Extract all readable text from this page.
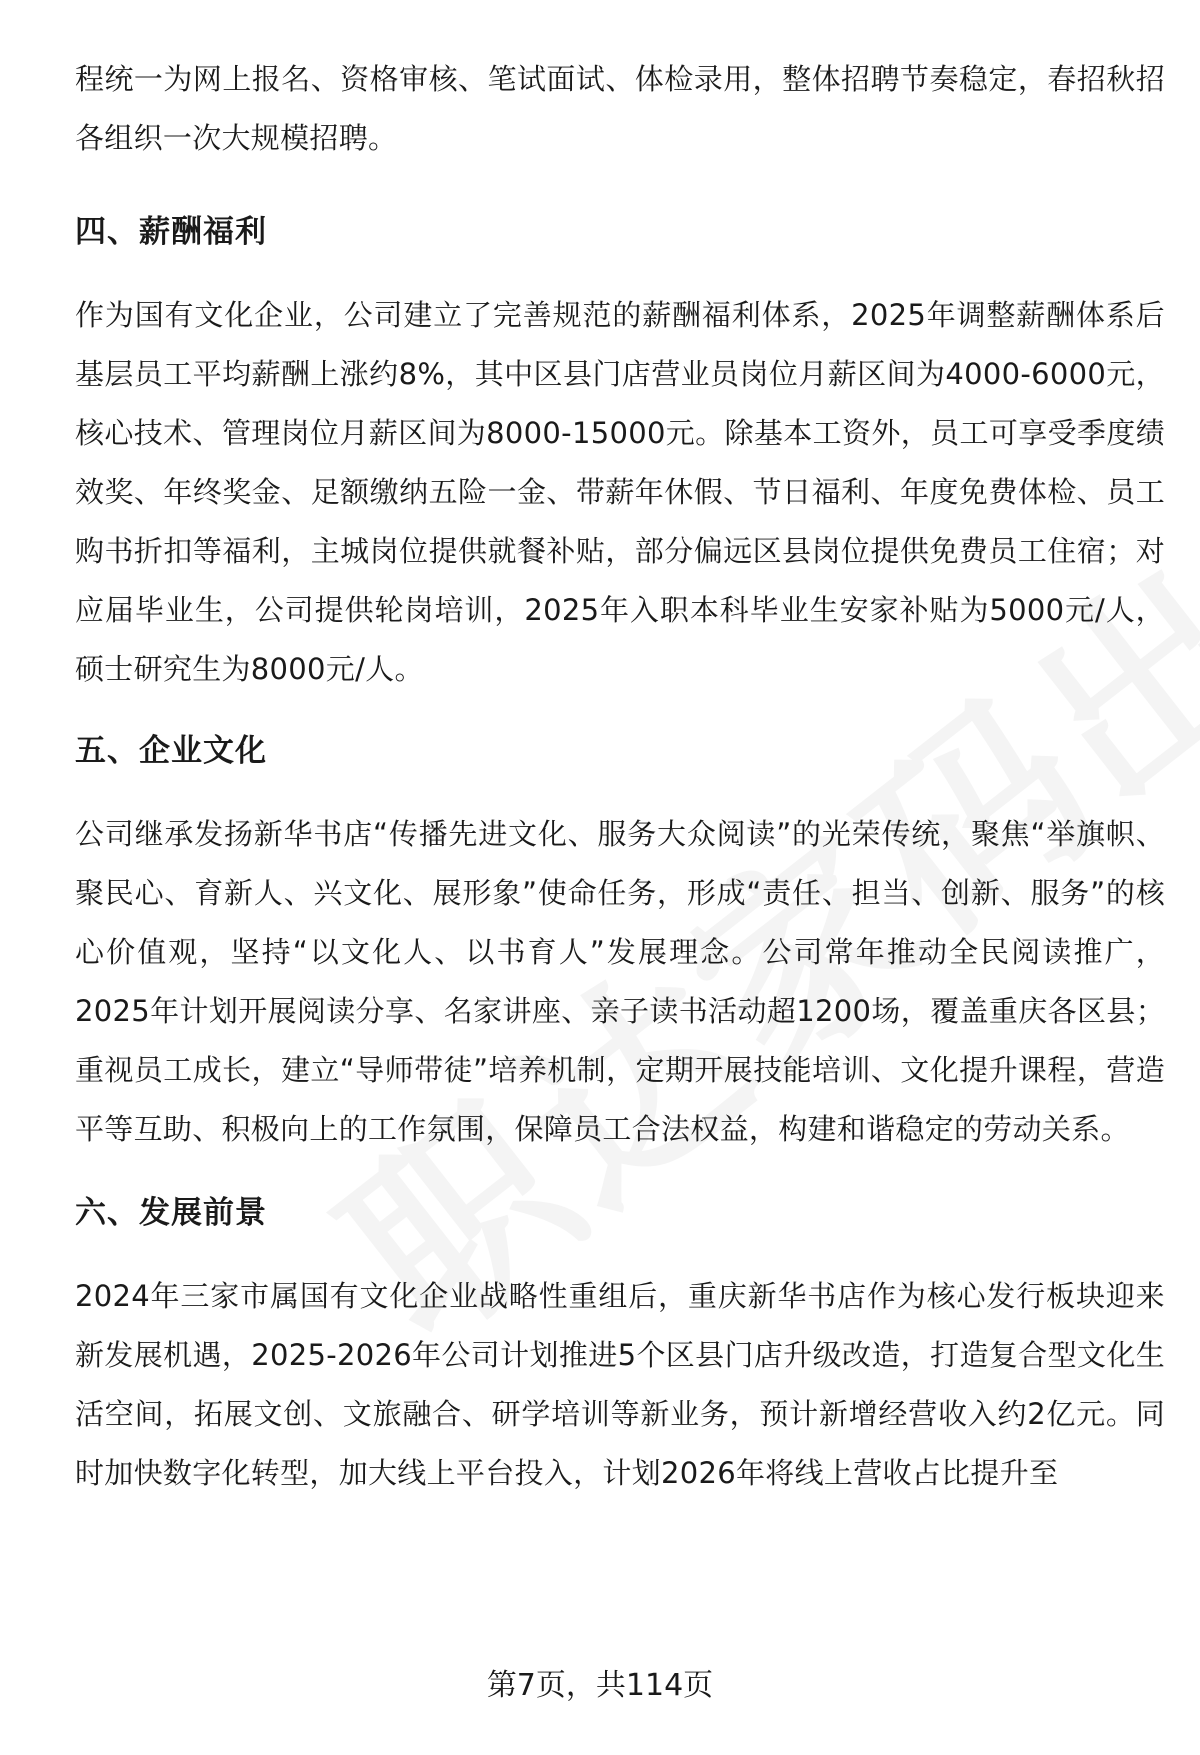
程统一为网上报名、资格审核、笔试面试、体检录用，整体招聘节奏稳定，春招秋招各组织一次大规模招聘。

四、薪酬福利

作为国有文化企业，公司建立了完善规范的薪酬福利体系，2025年调整薪酬体系后基层员工平均薪酬上涨约8%，其中区县门店营业员岗位月薪区间为4000-6000元，核心技术、管理岗位月薪区间为8000-15000元。除基本工资外，员工可享受季度绩效奖、年终奖金、足额缴纳五险一金、带薪年休假、节日福利、年度免费体检、员工购书折扣等福利，主城岗位提供就餐补贴，部分偏远区县岗位提供免费员工住宿；对应届毕业生，公司提供轮岗培训，2025年入职本科毕业生安家补贴为5000元/人，硕士研究生为8000元/人。

五、企业文化

公司继承发扬新华书店“传播先进文化、服务大众阅读”的光荣传统，聚焦“举旗帜、聚民心、育新人、兴文化、展形象”使命任务，形成“责任、担当、创新、服务”的核心价值观，坚持“以文化人、以书育人”发展理念。公司常年推动全民阅读推广，2025年计划开展阅读分享、名家讲座、亲子读书活动超1200场，覆盖重庆各区县；重视员工成长，建立“导师带徒”培养机制，定期开展技能培训、文化提升课程，营造平等互助、积极向上的工作氛围，保障员工合法权益，构建和谐稳定的劳动关系。

六、发展前景

2024年三家市属国有文化企业战略性重组后，重庆新华书店作为核心发行板块迎来新发展机遇，2025-2026年公司计划推进5个区县门店升级改造，打造复合型文化生活空间，拓展文创、文旅融合、研学培训等新业务，预计新增经营收入约2亿元。同时加快数字化转型，加大线上平台投入，计划2026年将线上营收占比提升至

第7页，共114页
